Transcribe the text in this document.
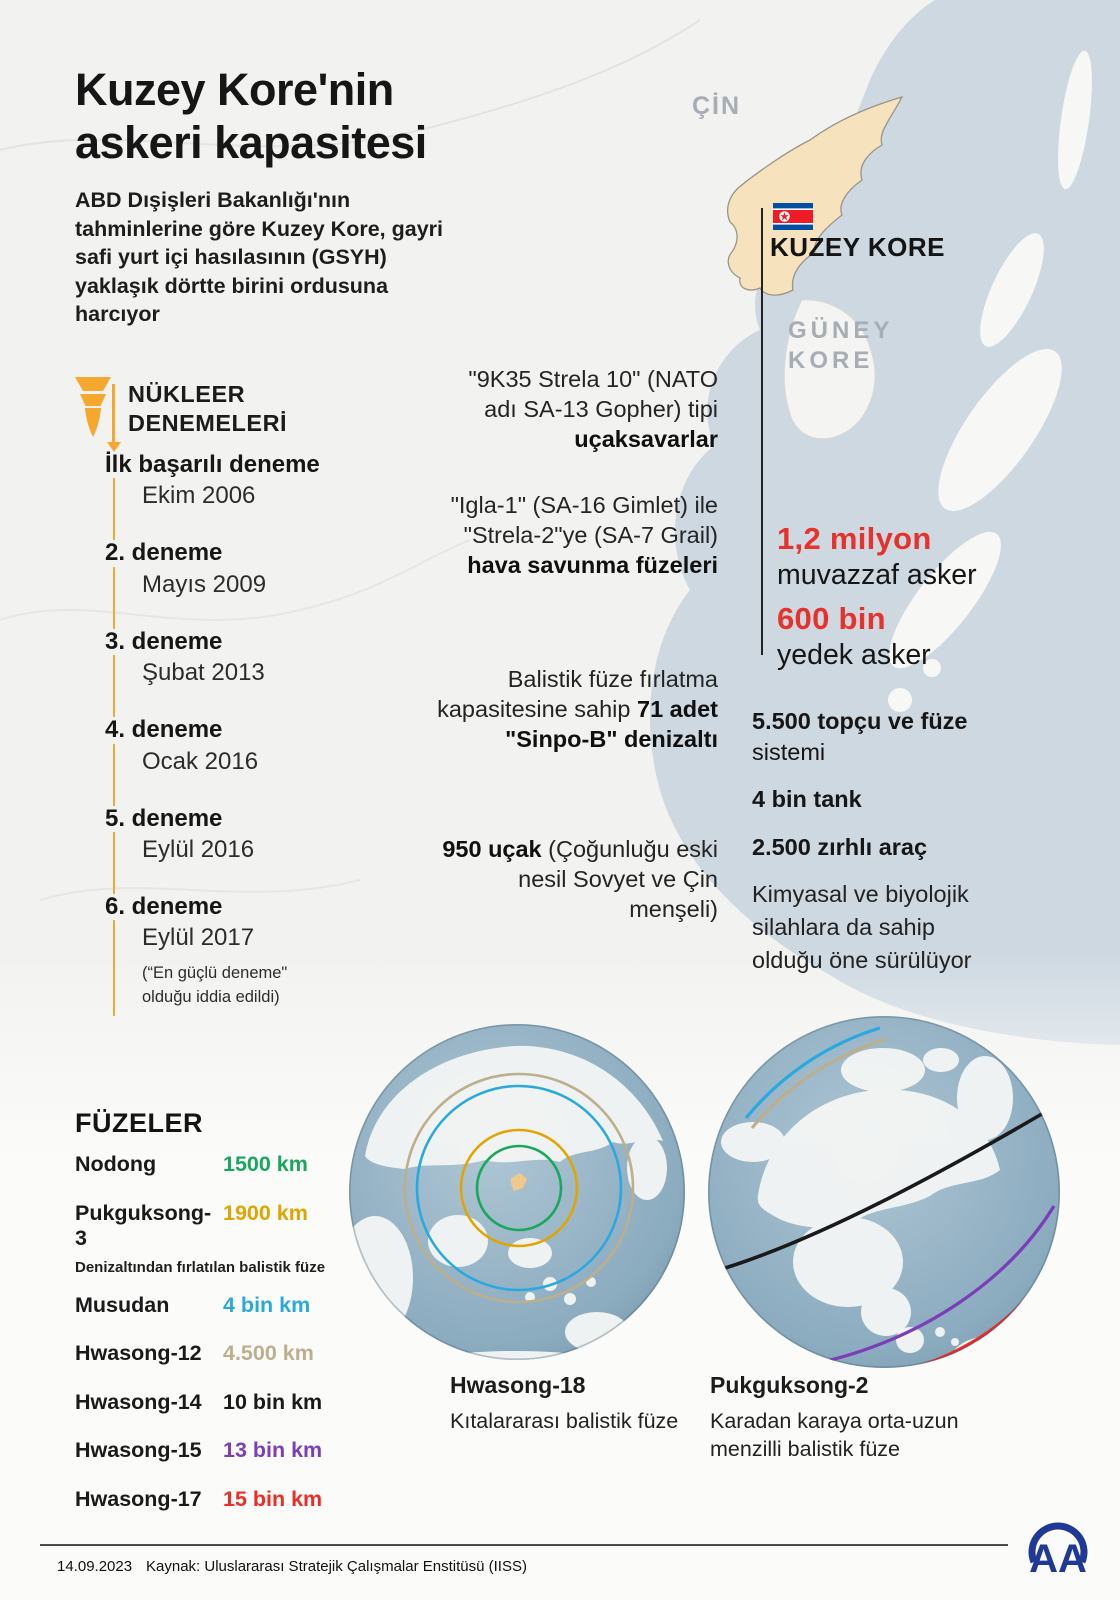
Kuzey Kore'nin
askeri kapasitesi
ABD Dışişleri Bakanlığı'nın tahminlerine göre Kuzey Kore, gayri safi yurt içi hasılasının (GSYH) yaklaşık dörtte birini ordusuna harcıyor
ÇİN
GÜNEY
KORE
KUZEY KORE
NÜKLEER
DENEMELERİ
İlk başarılı deneme
Ekim 2006
2. deneme
Mayıs 2009
3. deneme
Şubat 2013
4. deneme
Ocak 2016
5. deneme
Eylül 2016
6. deneme
Eylül 2017
(“En güçlü deneme" olduğu iddia edildi)
"9K35 Strela 10" (NATO adı SA-13 Gopher) tipi uçaksavarlar
"Igla-1" (SA-16 Gimlet) ile "Strela-2"ye (SA-7 Grail) hava savunma füzeleri
Balistik füze fırlatma kapasitesine sahip 71 adet "Sinpo-B" denizaltı
950 uçak (Çoğunluğu eski nesil Sovyet ve Çin menşeli)
1,2 milyon
muvazzaf asker
600 bin
yedek asker
5.500 topçu ve füze sistemi
4 bin tank
2.500 zırhlı araç
Kimyasal ve biyolojik silahlara da sahip olduğu öne sürülüyor
FÜZELER
Nodong	1500 km
Pukguksong-3
1900 km
Denizaltından fırlatılan balistik füze
Musudan	4 bin km
Hwasong-12 4.500 km
Hwasong-14 10 bin km
Hwasong-15 13 bin km
Hwasong-17 15 bin km
Hwasong-18
Kıtalararası balistik füze
Pukguksong-2
Karadan karaya orta-uzun menzilli balistik füze
14.09.2023 Kaynak: Uluslararası Stratejik Çalışmalar Enstitüsü (IISS)	AA
